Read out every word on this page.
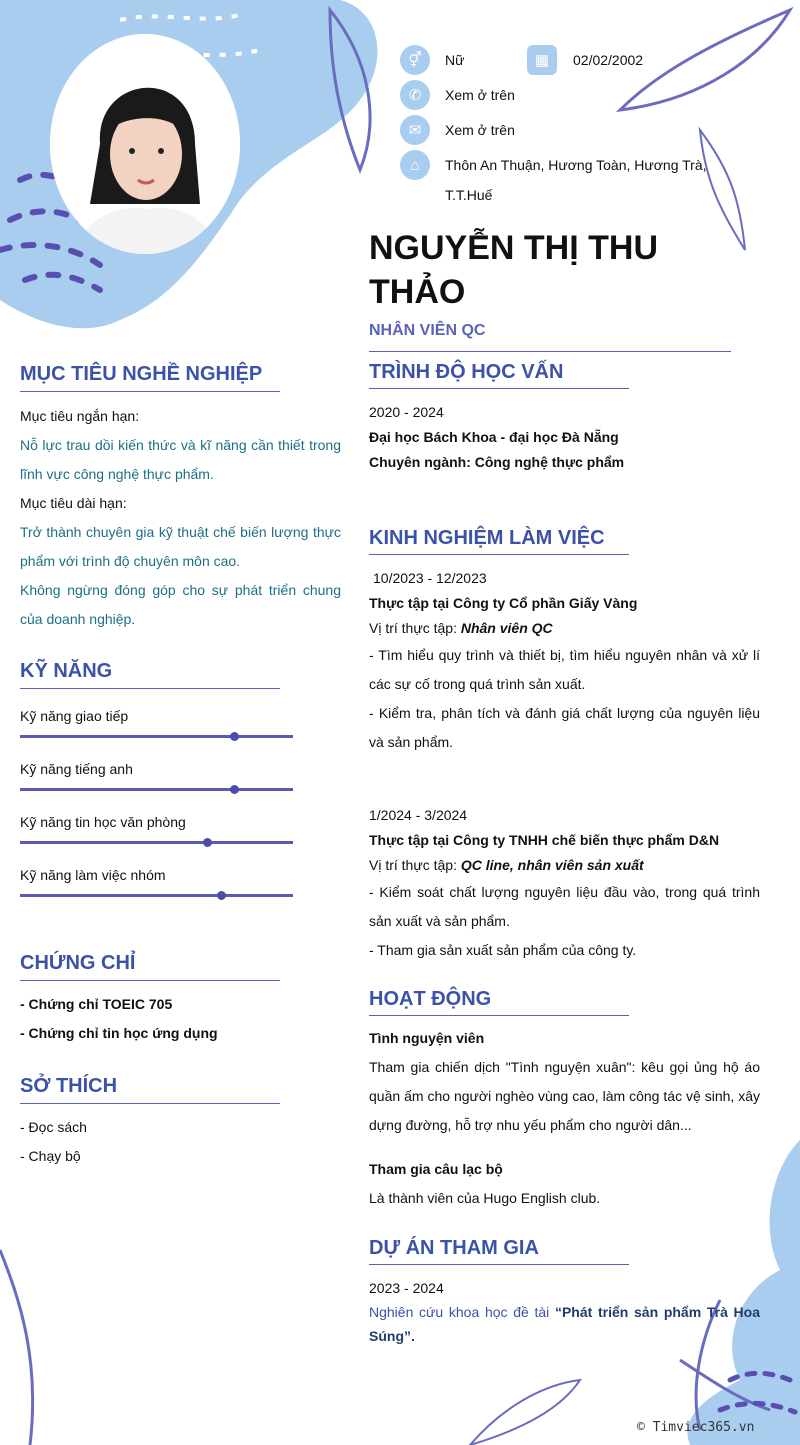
⚥	Nữ	▦	02/02/2002
✆	Xem ở trên
✉	Xem ở trên
⌂	Thôn An Thuận, Hương Toàn, Hương Trà,
T.T.Huế
NGUYỄN THỊ THU
THẢO
NHÂN VIÊN QC
MỤC TIÊU NGHỀ NGHIỆP
Mục tiêu ngắn hạn:
Nỗ lực trau dồi kiến thức và kĩ năng cần thiết trong lĩnh vực công nghệ thực phẩm.
Mục tiêu dài hạn:
Trở thành chuyên gia kỹ thuật chế biến lượng thực phẩm với trình độ chuyên môn cao.
Không ngừng đóng góp cho sự phát triển chung của doanh nghiệp.
KỸ NĂNG
Kỹ năng giao tiếp
Kỹ năng tiếng anh
Kỹ năng tin học văn phòng
Kỹ năng làm việc nhóm
CHỨNG CHỈ
- Chứng chỉ TOEIC 705
- Chứng chỉ tin học ứng dụng
SỞ THÍCH
- Đọc sách
- Chạy bộ
TRÌNH ĐỘ HỌC VẤN
2020 - 2024
Đại học Bách Khoa - đại học Đà Nẵng
Chuyên ngành: Công nghệ thực phẩm
KINH NGHIỆM LÀM VIỆC
10/2023 - 12/2023
Thực tập tại Công ty Cổ phần Giấy Vàng
Vị trí thực tập: Nhân viên QC
- Tìm hiểu quy trình và thiết bị, tìm hiểu nguyên nhân và xử lí các sự cố trong quá trình sản xuất.
- Kiểm tra, phân tích và đánh giá chất lượng của nguyên liệu và sản phẩm.
1/2024 - 3/2024
Thực tập tại Công ty TNHH chế biến thực phẩm D&N
Vị trí thực tập: QC line, nhân viên sản xuất
- Kiểm soát chất lượng nguyên liệu đầu vào, trong quá trình sản xuất và sản phẩm.
- Tham gia sản xuất sản phẩm của công ty.
HOẠT ĐỘNG
Tình nguyện viên
Tham gia chiến dịch "Tình nguyện xuân": kêu gọi ủng hộ áo quần ấm cho người nghèo vùng cao, làm công tác vệ sinh, xây dựng đường, hỗ trợ nhu yếu phẩm cho người dân...
Tham gia câu lạc bộ
Là thành viên của Hugo English club.
DỰ ÁN THAM GIA
2023 - 2024
Nghiên cứu khoa học đề tài “Phát triển sản phẩm Trà Hoa Súng”.
© Timviec365.vn
